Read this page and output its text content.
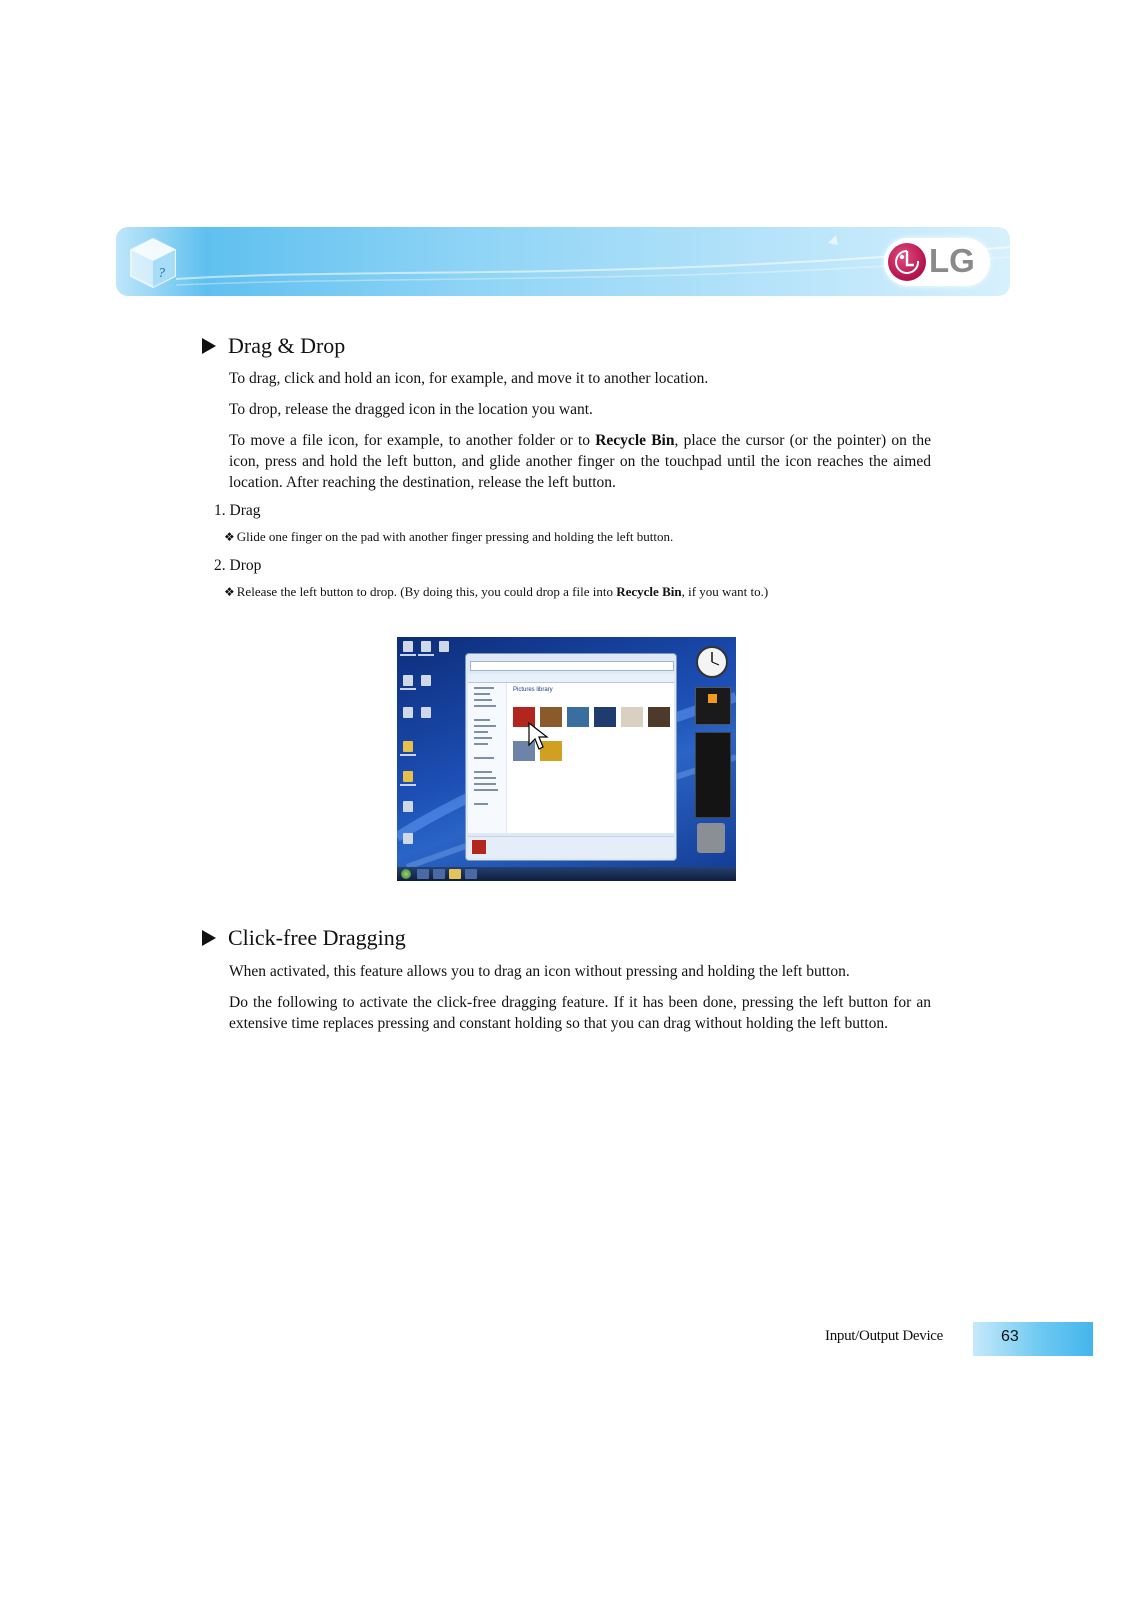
?	LG
Drag & Drop
To drag, click and hold an icon, for example, and move it to another location.
To drop, release the dragged icon in the location you want.
To move a file icon, for example, to another folder or to Recycle Bin, place the cursor (or the pointer) on the icon, press and hold the left button, and glide another finger on the touchpad until the icon reaches the aimed location. After reaching the destination, release the left button.
1. Drag
❖ Glide one finger on the pad with another finger pressing and holding the left button.
2. Drop
❖ Release the left button to drop. (By doing this, you could drop a file into Recycle Bin, if you want to.)
Pictures library
Click-free Dragging
When activated, this feature allows you to drag an icon without pressing and holding the left button.
Do the following to activate the click-free dragging feature. If it has been done, pressing the left button for an extensive time replaces pressing and constant holding so that you can drag without holding the left button.
Input/Output Device	63
